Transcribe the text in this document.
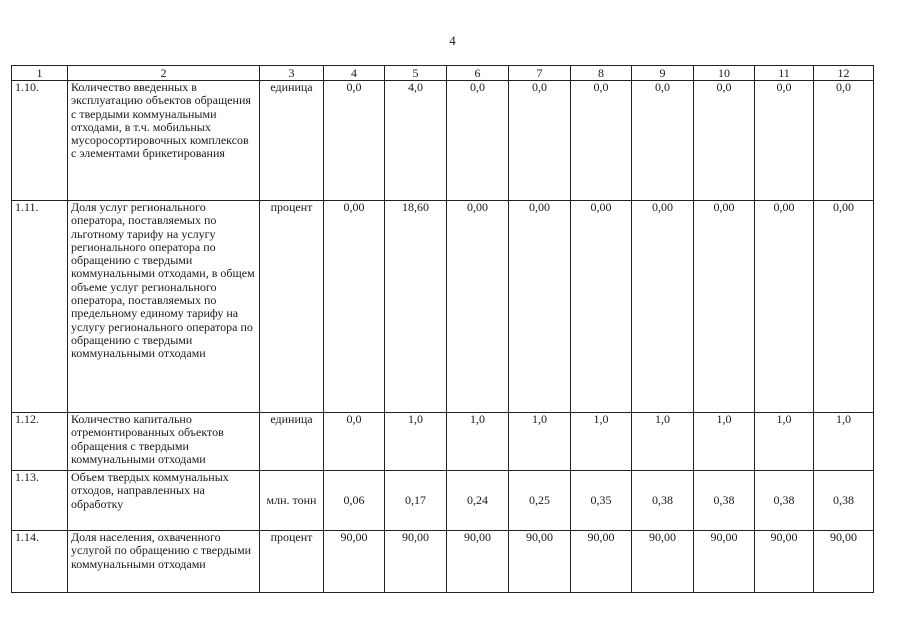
4
1	2	3	4	5	6	7	8	9	10	11	12
1.10.	Количество введенных в эксплуатацию объектов обращения с твердыми коммунальными отходами, в т.ч. мобильных мусоросортировочных комплексов с элементами брикетирования	единица	0,0	4,0	0,0	0,0	0,0	0,0	0,0	0,0	0,0
1.11.	Доля услуг регионального оператора, поставляемых по льготному тарифу на услугу регионального оператора по обращению с твердыми коммунальными отходами, в общем объеме услуг регионального оператора, поставляемых по предельному единому тарифу на услугу регионального оператора по обращению с твердыми коммунальными отходами	процент	0,00	18,60	0,00	0,00	0,00	0,00	0,00	0,00	0,00
1.12.	Количество капитально отремонтированных объектов обращения с твердыми коммунальными отходами	единица	0,0	1,0	1,0	1,0	1,0	1,0	1,0	1,0	1,0
1.13.	Объем твердых коммунальных отходов, направленных на обработку	млн. тонн	0,06	0,17	0,24	0,25	0,35	0,38	0,38	0,38	0,38
1.14.	Доля населения, охваченного услугой по обращению с твердыми коммунальными отходами	процент	90,00	90,00	90,00	90,00	90,00	90,00	90,00	90,00	90,00
